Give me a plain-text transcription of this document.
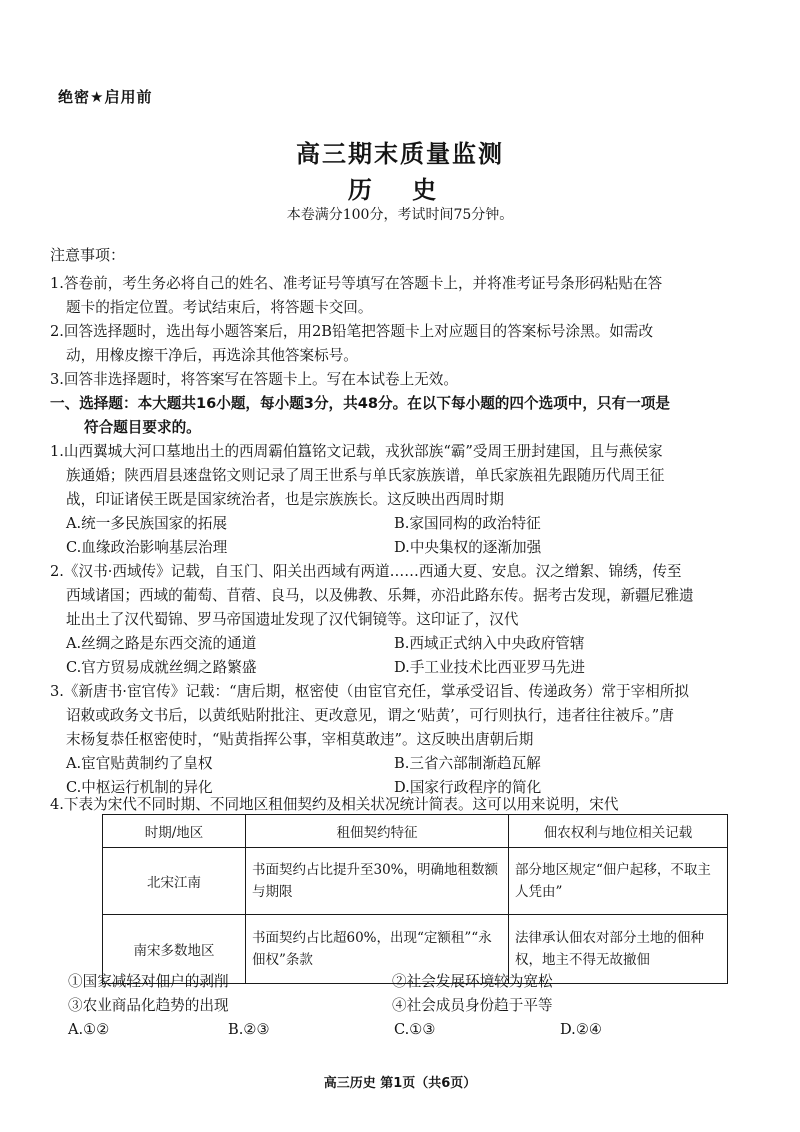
绝密★启用前
高三期末质量监测
历 史
本卷满分100分，考试时间75分钟。
注意事项：
1.答卷前，考生务必将自己的姓名、准考证号等填写在答题卡上，并将准考证号条形码粘贴在答
题卡的指定位置。考试结束后，将答题卡交回。
2.回答选择题时，选出每小题答案后，用2B铅笔把答题卡上对应题目的答案标号涂黑。如需改
动，用橡皮擦干净后，再选涂其他答案标号。
3.回答非选择题时，将答案写在答题卡上。写在本试卷上无效。
一、选择题：本大题共16小题，每小题3分，共48分。在以下每小题的四个选项中，只有一项是
符合题目要求的。
1.山西翼城大河口墓地出土的西周霸伯簋铭文记载，戎狄部族“霸”受周王册封建国，且与燕侯家
族通婚；陕西眉县逨盘铭文则记录了周王世系与单氏家族族谱，单氏家族祖先跟随历代周王征
战，印证诸侯王既是国家统治者，也是宗族族长。这反映出西周时期
A.统一多民族国家的拓展	B.家国同构的政治特征
C.血缘政治影响基层治理	D.中央集权的逐渐加强
2.《汉书·西域传》记载，自玉门、阳关出西域有两道……西通大夏、安息。汉之缯絮、锦绣，传至
西域诸国；西域的葡萄、苜蓿、良马，以及佛教、乐舞，亦沿此路东传。据考古发现，新疆尼雅遗
址出土了汉代蜀锦、罗马帝国遗址发现了汉代铜镜等。这印证了，汉代
A.丝绸之路是东西交流的通道	B.西域正式纳入中央政府管辖
C.官方贸易成就丝绸之路繁盛	D.手工业技术比西亚罗马先进
3.《新唐书·宦官传》记载：“唐后期，枢密使（由宦官充任，掌承受诏旨、传递政务）常于宰相所拟
诏敕或政务文书后，以黄纸贴附批注、更改意见，谓之‘贴黄’，可行则执行，违者往往被斥。”唐
末杨复恭任枢密使时，“贴黄指挥公事，宰相莫敢违”。这反映出唐朝后期
A.宦官贴黄制约了皇权	B.三省六部制渐趋瓦解
C.中枢运行机制的异化	D.国家行政程序的简化
4.下表为宋代不同时期、不同地区租佃契约及相关状况统计简表。这可以用来说明，宋代
时期/地区	租佃契约特征	佃农权利与地位相关记载
北宋江南	书面契约占比提升至30%，明确地租数额与期限	部分地区规定“佃户起移，不取主人凭由”
南宋多数地区	书面契约占比超60%，出现“定额租”“永佃权”条款	法律承认佃农对部分土地的佃种权，地主不得无故撤佃
①国家减轻对佃户的剥削	②社会发展环境较为宽松
③农业商品化趋势的出现	④社会成员身份趋于平等
A.①②	B.②③	C.①③	D.②④
高三历史 第1页（共6页）
